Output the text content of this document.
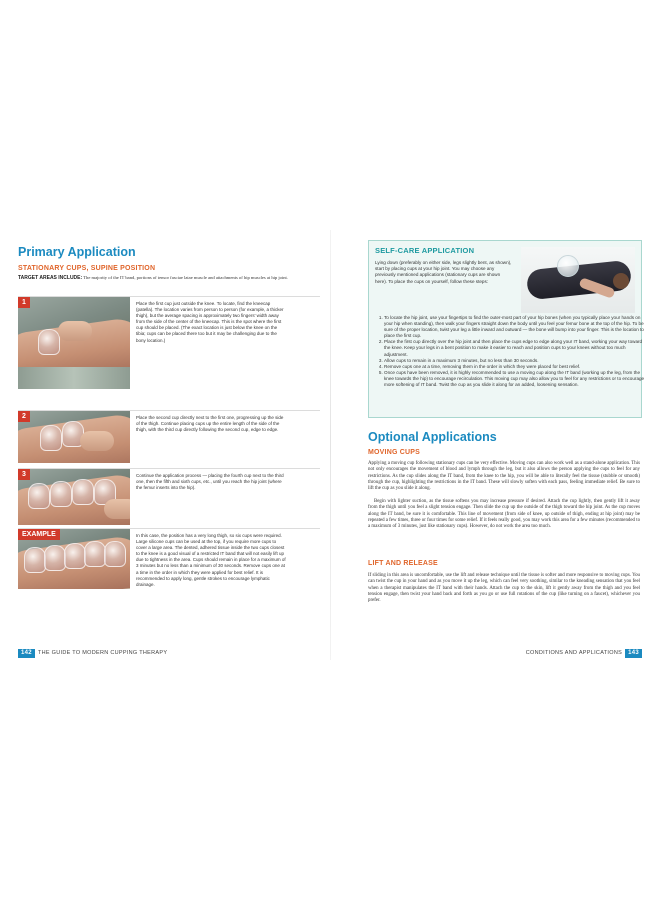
Primary Application
STATIONARY CUPS, SUPINE POSITION
TARGET AREAS INCLUDE: The majority of the IT band, portions of tensor fasciae latae muscle and attachments of hip muscles at hip joint.
1	Place the first cup just outside the knee. To locate, find the kneecap (patella). The location varies from person to person (for example, a thicker thigh), but the average spacing is approximately two fingers' width away from the side of the center of the kneecap. This is the spot where the first cup should be placed. (The exact location is just below the knee on the tibia; cups can be placed there too but it may be challenging due to the bony location.)
2	Place the second cup directly next to the first one, progressing up the side of the thigh. Continue placing cups up the entire length of the side of the thigh, with the third cup directly following the second cup, edge to edge.
3	Continue the application process — placing the fourth cup next to the third one, then the fifth and sixth cups, etc., until you reach the hip joint (where the femur inserts into the hip).
EXAMPLE	In this case, the position has a very long thigh, so six cups were required. Large silicone cups can be used at the top, if you require more cups to cover a large area. The dented, adhered tissue inside the two cups closest to the knee is a good visual of a restricted IT band that will not easily lift up due to tightness in the area. Cups should remain in place for a maximum of 3 minutes but no less than a minimum of 30 seconds. Remove cups one at a time in the order in which they were applied for best relief. It is recommended to apply long, gentle strokes to encourage lymphatic drainage.
142 THE GUIDE TO MODERN CUPPING THERAPY
SELF-CARE APPLICATION
Lying down (preferably on either side, legs slightly bent, as shown), start by placing cups at your hip joint. You may choose any previously mentioned applications (stationary cups are shown here). To place the cups on yourself, follow these steps:
1. To locate the hip joint, use your fingertips to find the outer-most part of your hip bones (when you typically place your hands on your hip when standing), then walk your fingers straight down the body until you feel your femur bone at the top of the hip. To be sure of the proper location, twist your leg a little inward and outward — the bone will bump into your finger. This is the location to place the first cup.
2. Place the first cup directly over the hip joint and then place the cups edge to edge along your IT band, working your way toward the knee. Keep your legs in a bent position to make it easier to reach and position cups to your knees without too much adjustment.
3. Allow cups to remain in a maximum 3 minutes, but no less than 30 seconds.
4. Remove cups one at a time, removing them in the order in which they were placed for best relief.
5. Once cups have been removed, it is highly recommended to use a moving cup along the IT band (working up the leg, from the knee towards the hip) to encourage recirculation. This moving cup may also allow you to feel for any restrictions or to encourage more softening of IT band. Twist the cup as you slide it along for an added, loosening sensation.
Optional Applications
MOVING CUPS
Applying a moving cup following stationary cups can be very effective. Moving cups can also work well as a stand-alone application. This not only encourages the movement of blood and lymph through the leg, but it also allows the person applying the cups to feel for any restrictions. As the cup slides along the IT band, from the knee to the hip, you will be able to literally feel the tissue (stubble or smooth) through the cup, highlighting the restrictions in the IT band. These will slowly soften with each pass, feeling immediate relief. Be sure to lift the cup as you slide it along.
Begin with lighter suction, as the tissue softens you may increase pressure if desired. Attach the cup lightly, then gently lift it away from the thigh until you feel a slight tension engage. Then slide the cup up the outside of the thigh toward the hip joint. As the cup moves along the IT band, be sure it is comfortable. This line of movement (from side of knee, up outside of thigh, ending at hip joint) may be repeated a few times, three or four times for some relief. If it feels really good, you may work this area for a few minutes (recommended to a maximum of 3 minutes, just like stationary cups). However, do not work the area too much.
LIFT AND RELEASE
If sliding in this area is uncomfortable, use the lift and release technique until the tissue is softer and more responsive to moving cups. You can twist the cup in your hand and as you move it up the leg, which can feel very soothing, similar to the kneading sensation that you feel when a therapist manipulates the IT band with their hands. Attach the cup to the skin, lift it gently away from the thigh and you feel tension engage, then twist your hand back and forth as you go or use full rotations of the cup (like turning on a faucet), whichever you prefer.
CONDITIONS AND APPLICATIONS 143
